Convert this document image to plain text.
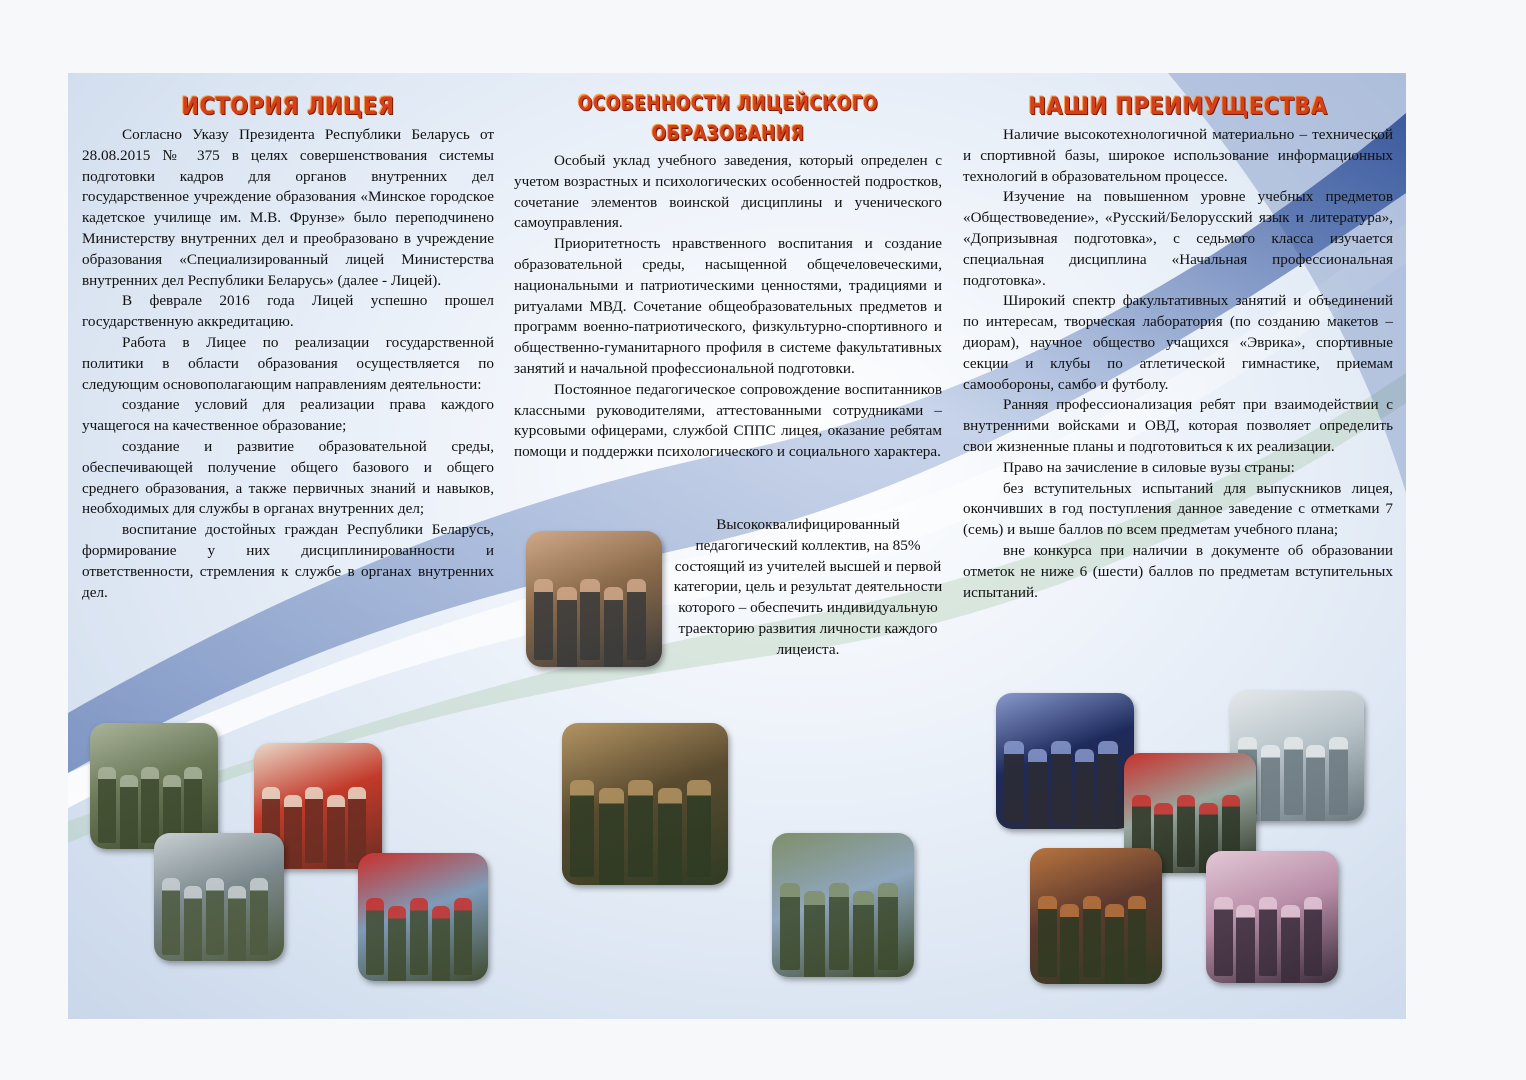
ИСТОРИЯ ЛИЦЕЯ

Согласно Указу Президента Республики Беларусь от 28.08.2015 № 375 в целях совершенствования системы подготовки кадров для органов внутренних дел государственное учреждение образования «Минское городское кадетское училище им. М.В. Фрунзе» было переподчинено Министерству внутренних дел и преобразовано в учреждение образования «Специализированный лицей Министерства внутренних дел Республики Беларусь» (далее - Лицей).

В феврале 2016 года Лицей успешно прошел государственную аккредитацию.

Работа в Лицее по реализации государственной политики в области образования осуществляется по следующим основополагающим направлениям деятельности:

создание условий для реализации права каждого учащегося на качественное образование;

создание и развитие образовательной среды, обеспечивающей получение общего базового и общего среднего образования, а также первичных знаний и навыков, необходимых для службы в органах внутренних дел;

воспитание достойных граждан Республики Беларусь, формирование у них дисциплинированности и ответственности, стремления к службе в органах внутренних дел.

ОСОБЕННОСТИ ЛИЦЕЙСКОГО ОБРАЗОВАНИЯ

Особый уклад учебного заведения, который определен с учетом возрастных и психологических особенностей подростков, сочетание элементов воинской дисциплины и ученического самоуправления.

Приоритетность нравственного воспитания и создание образовательной среды, насыщенной общечеловеческими, национальными и патриотическими ценностями, традициями и ритуалами МВД. Сочетание общеобразовательных предметов и программ военно-патриотического, физкультурно-спортивного и общественно-гуманитарного профиля в системе факультативных занятий и начальной профессиональной подготовки.

Постоянное педагогическое сопровождение воспитанников классными руководителями, аттестованными сотрудниками – курсовыми офицерами, службой СППС лицея, оказание ребятам помощи и поддержки психологического и социального характера.

Высококвалифицированный педагогический коллектив, на 85% состоящий из учителей высшей и первой категории, цель и результат деятельности которого – обеспечить индивидуальную траекторию развития личности каждого лицеиста.
НАШИ ПРЕИМУЩЕСТВА

Наличие высокотехнологичной материально – технической и спортивной базы, широкое использование информационных технологий в образовательном процессе.

Изучение на повышенном уровне учебных предметов «Обществоведение», «Русский/Белорусский язык и литература», «Допризывная подготовка», с седьмого класса изучается специальная дисциплина «Начальная профессиональная подготовка».

Широкий спектр факультативных занятий и объединений по интересам, творческая лаборатория (по созданию макетов – диорам), научное общество учащихся «Эврика», спортивные секции и клубы по атлетической гимнастике, приемам самообороны, самбо и футболу.

Ранняя профессионализация ребят при взаимодействии с внутренними войсками и ОВД, которая позволяет определить свои жизненные планы и подготовиться к их реализации.

Право на зачисление в силовые вузы страны:

без вступительных испытаний для выпускников лицея, окончивших в год поступления данное заведение с отметками 7 (семь) и выше баллов по всем предметам учебного плана;

вне конкурса при наличии в документе об образовании отметок не ниже 6 (шести) баллов по предметам вступительных испытаний.
